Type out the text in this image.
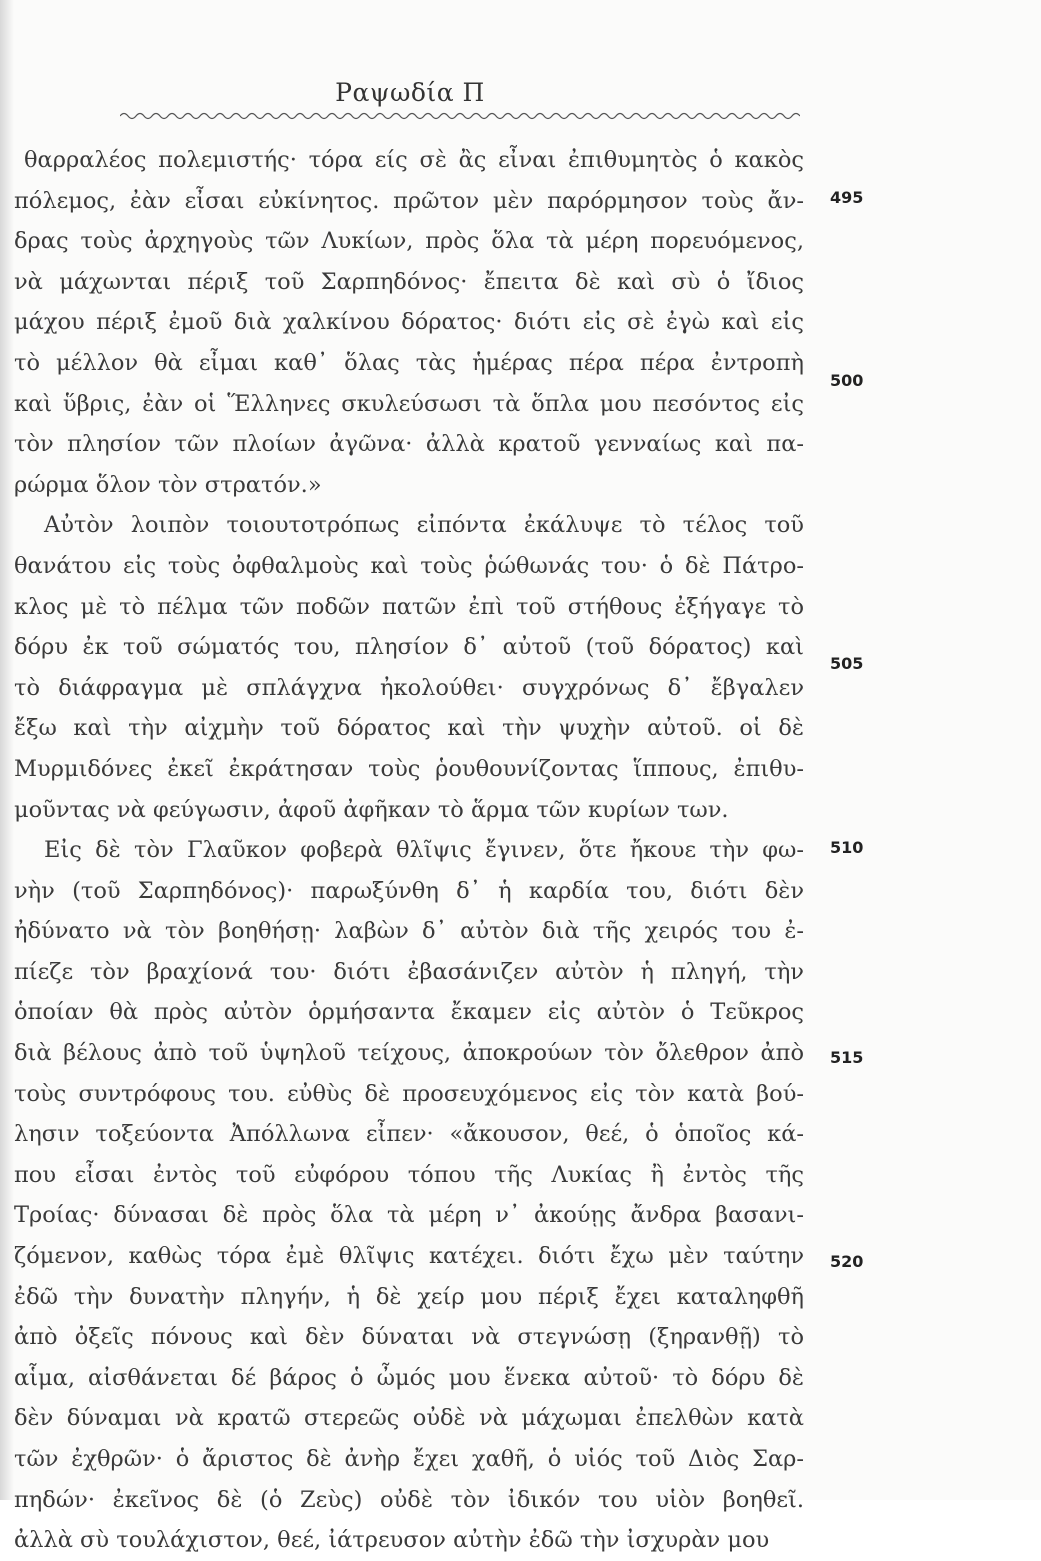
Ραψωδία Π
θαρραλέος πολεμιστής· τόρα είς σὲ ἂς εἶναι ἐπιθυμητὸς ὁ κακὸς
πόλεμος, ἐὰν εἶσαι εὐκίνητος. πρῶτον μὲν παρόρμησον τοὺς ἄν-
δρας τοὺς ἀρχηγοὺς τῶν Λυκίων, πρὸς ὅλα τὰ μέρη πορευόμενος,
νὰ μάχωνται πέριξ τοῦ Σαρπηδόνος· ἔπειτα δὲ καὶ σὺ ὁ ἴδιος
μάχου πέριξ ἐμοῦ διὰ χαλκίνου δόρατος· διότι εἰς σὲ ἐγὼ καὶ εἰς
τὸ μέλλον θὰ εἶμαι καθ᾿ ὅλας τὰς ἡμέρας πέρα πέρα ἐντροπὴ
καὶ ὕβρις, ἐὰν οἱ Ἕλληνες σκυλεύσωσι τὰ ὅπλα μου πεσόντος εἰς
τὸν πλησίον τῶν πλοίων ἀγῶνα· ἀλλὰ κρατοῦ γενναίως καὶ πα-
ρώρμα ὅλον τὸν στρατόν.»
Αὐτὸν λοιπὸν τοιουτοτρόπως εἰπόντα ἐκάλυψε τὸ τέλος τοῦ
θανάτου εἰς τοὺς ὀφθαλμοὺς καὶ τοὺς ῥώθωνάς του· ὁ δὲ Πάτρο-
κλος μὲ τὸ πέλμα τῶν ποδῶν πατῶν ἐπὶ τοῦ στήθους ἐξήγαγε τὸ
δόρυ ἐκ τοῦ σώματός του, πλησίον δ᾿ αὐτοῦ (τοῦ δόρατος) καὶ
τὸ διάφραγμα μὲ σπλάγχνα ἠκολούθει· συγχρόνως δ᾿ ἔβγαλεν
ἔξω καὶ τὴν αἰχμὴν τοῦ δόρατος καὶ τὴν ψυχὴν αὐτοῦ. οἱ δὲ
Μυρμιδόνες ἐκεῖ ἐκράτησαν τοὺς ῥουθουνίζοντας ἵππους, ἐπιθυ-
μοῦντας νὰ φεύγωσιν, ἀφοῦ ἀφῆκαν τὸ ἅρμα τῶν κυρίων των.
Εἰς δὲ τὸν Γλαῦκον φοβερὰ θλῖψις ἔγινεν, ὅτε ἤκουε τὴν φω-
νὴν (τοῦ Σαρπηδόνος)· παρωξύνθη δ᾿ ἡ καρδία του, διότι δὲν
ἠδύνατο νὰ τὸν βοηθήσῃ· λαβὼν δ᾿ αὐτὸν διὰ τῆς χειρός του ἐ-
πίεζε τὸν βραχίονά του· διότι ἐβασάνιζεν αὐτὸν ἡ πληγή, τὴν
ὁποίαν θὰ πρὸς αὐτὸν ὁρμήσαντα ἔκαμεν εἰς αὐτὸν ὁ Τεῦκρος
διὰ βέλους ἀπὸ τοῦ ὑψηλοῦ τείχους, ἀποκρούων τὸν ὄλεθρον ἀπὸ
τοὺς συντρόφους του. εὐθὺς δὲ προσευχόμενος εἰς τὸν κατὰ βού-
λησιν τοξεύοντα Ἀπόλλωνα εἶπεν· «ἄκουσον, θεέ, ὁ ὁποῖος κά-
που εἶσαι ἐντὸς τοῦ εὐφόρου τόπου τῆς Λυκίας ἢ ἐντὸς τῆς
Τροίας· δύνασαι δὲ πρὸς ὅλα τὰ μέρη ν᾿ ἀκούῃς ἄνδρα βασανι-
ζόμενον, καθὼς τόρα ἐμὲ θλῖψις κατέχει. διότι ἔχω μὲν ταύτην
ἐδῶ τὴν δυνατὴν πληγήν, ἡ δὲ χείρ μου πέριξ ἔχει καταληφθῆ
ἀπὸ ὀξεῖς πόνους καὶ δὲν δύναται νὰ στεγνώσῃ (ξηρανθῇ) τὸ
αἷμα, αἰσθάνεται δέ βάρος ὁ ὦμός μου ἕνεκα αὐτοῦ· τὸ δόρυ δὲ
δὲν δύναμαι νὰ κρατῶ στερεῶς οὐδὲ νὰ μάχωμαι ἐπελθὼν κατὰ
τῶν ἐχθρῶν· ὁ ἄριστος δὲ ἀνὴρ ἔχει χαθῆ, ὁ υἱός τοῦ Διὸς Σαρ-
πηδών· ἐκεῖνος δὲ (ὁ Ζεὺς) οὐδὲ τὸν ἰδικόν του υἱὸν βοηθεῖ.
ἀλλὰ σὺ τουλάχιστον, θεέ, ἰάτρευσον αὐτὴν ἐδῶ τὴν ἰσχυρὰν μου
495
500
505
510
515
520
